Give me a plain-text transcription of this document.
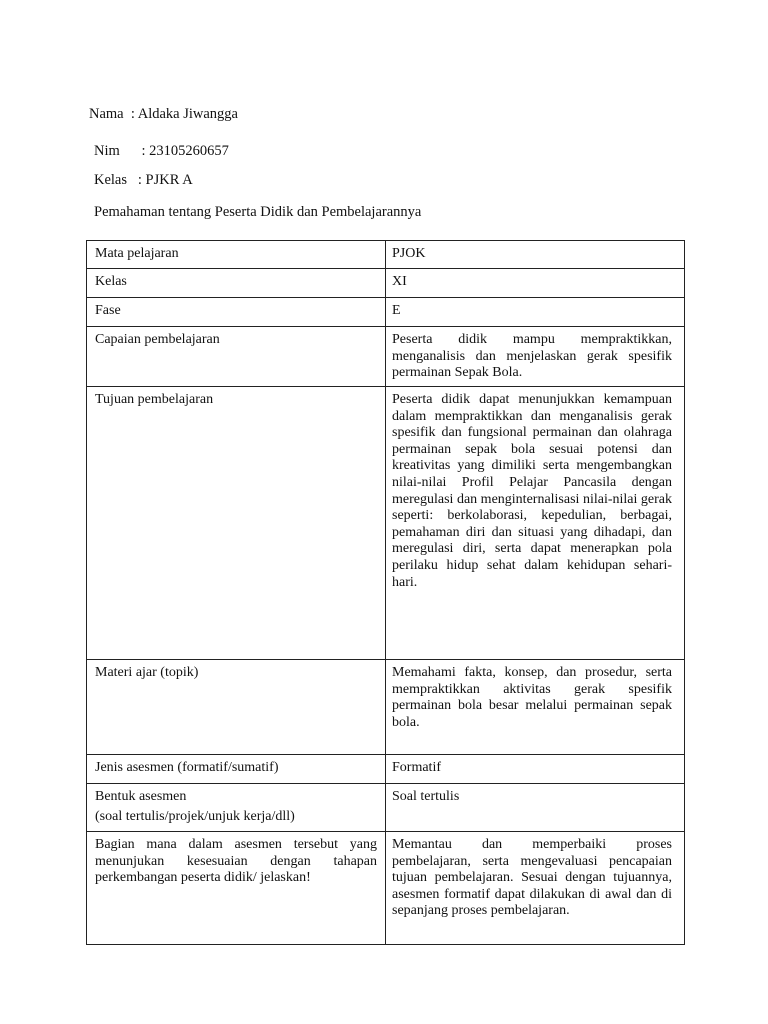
Nama  : Aldaka Jiwangga
Nim      : 23105260657
Kelas   : PJKR A
Pemahaman tentang Peserta Didik dan Pembelajarannya
Mata pelajaran	PJOK
Kelas	XI
Fase	E
Capaian pembelajaran	Peserta didik mampu mempraktikkan, menganalisis dan menjelaskan gerak spesifik permainan Sepak Bola.
Tujuan pembelajaran	Peserta didik dapat menunjukkan kemampuan dalam mempraktikkan dan menganalisis gerak spesifik dan fungsional permainan dan olahraga permainan sepak bola sesuai potensi dan kreativitas yang dimiliki serta mengembangkan nilai-nilai Profil Pelajar Pancasila dengan meregulasi dan menginternalisasi nilai-nilai gerak seperti: berkolaborasi, kepedulian, berbagai, pemahaman diri dan situasi yang dihadapi, dan meregulasi diri, serta dapat menerapkan pola perilaku hidup sehat dalam kehidupan sehari- hari.
Materi ajar (topik)	Memahami fakta, konsep, dan prosedur, serta mempraktikkan aktivitas gerak spesifik permainan bola besar melalui permainan sepak bola.
Jenis asesmen (formatif/sumatif)	Formatif
Bentuk asesmen
(soal tertulis/projek/unjuk kerja/dll)	Soal tertulis
Bagian mana dalam asesmen tersebut yang menunjukan kesesuaian dengan tahapan perkembangan peserta didik/ jelaskan!	Memantau dan memperbaiki proses pembelajaran, serta mengevaluasi pencapaian tujuan pembelajaran. Sesuai dengan tujuannya, asesmen formatif dapat dilakukan di awal dan di sepanjang proses pembelajaran.
